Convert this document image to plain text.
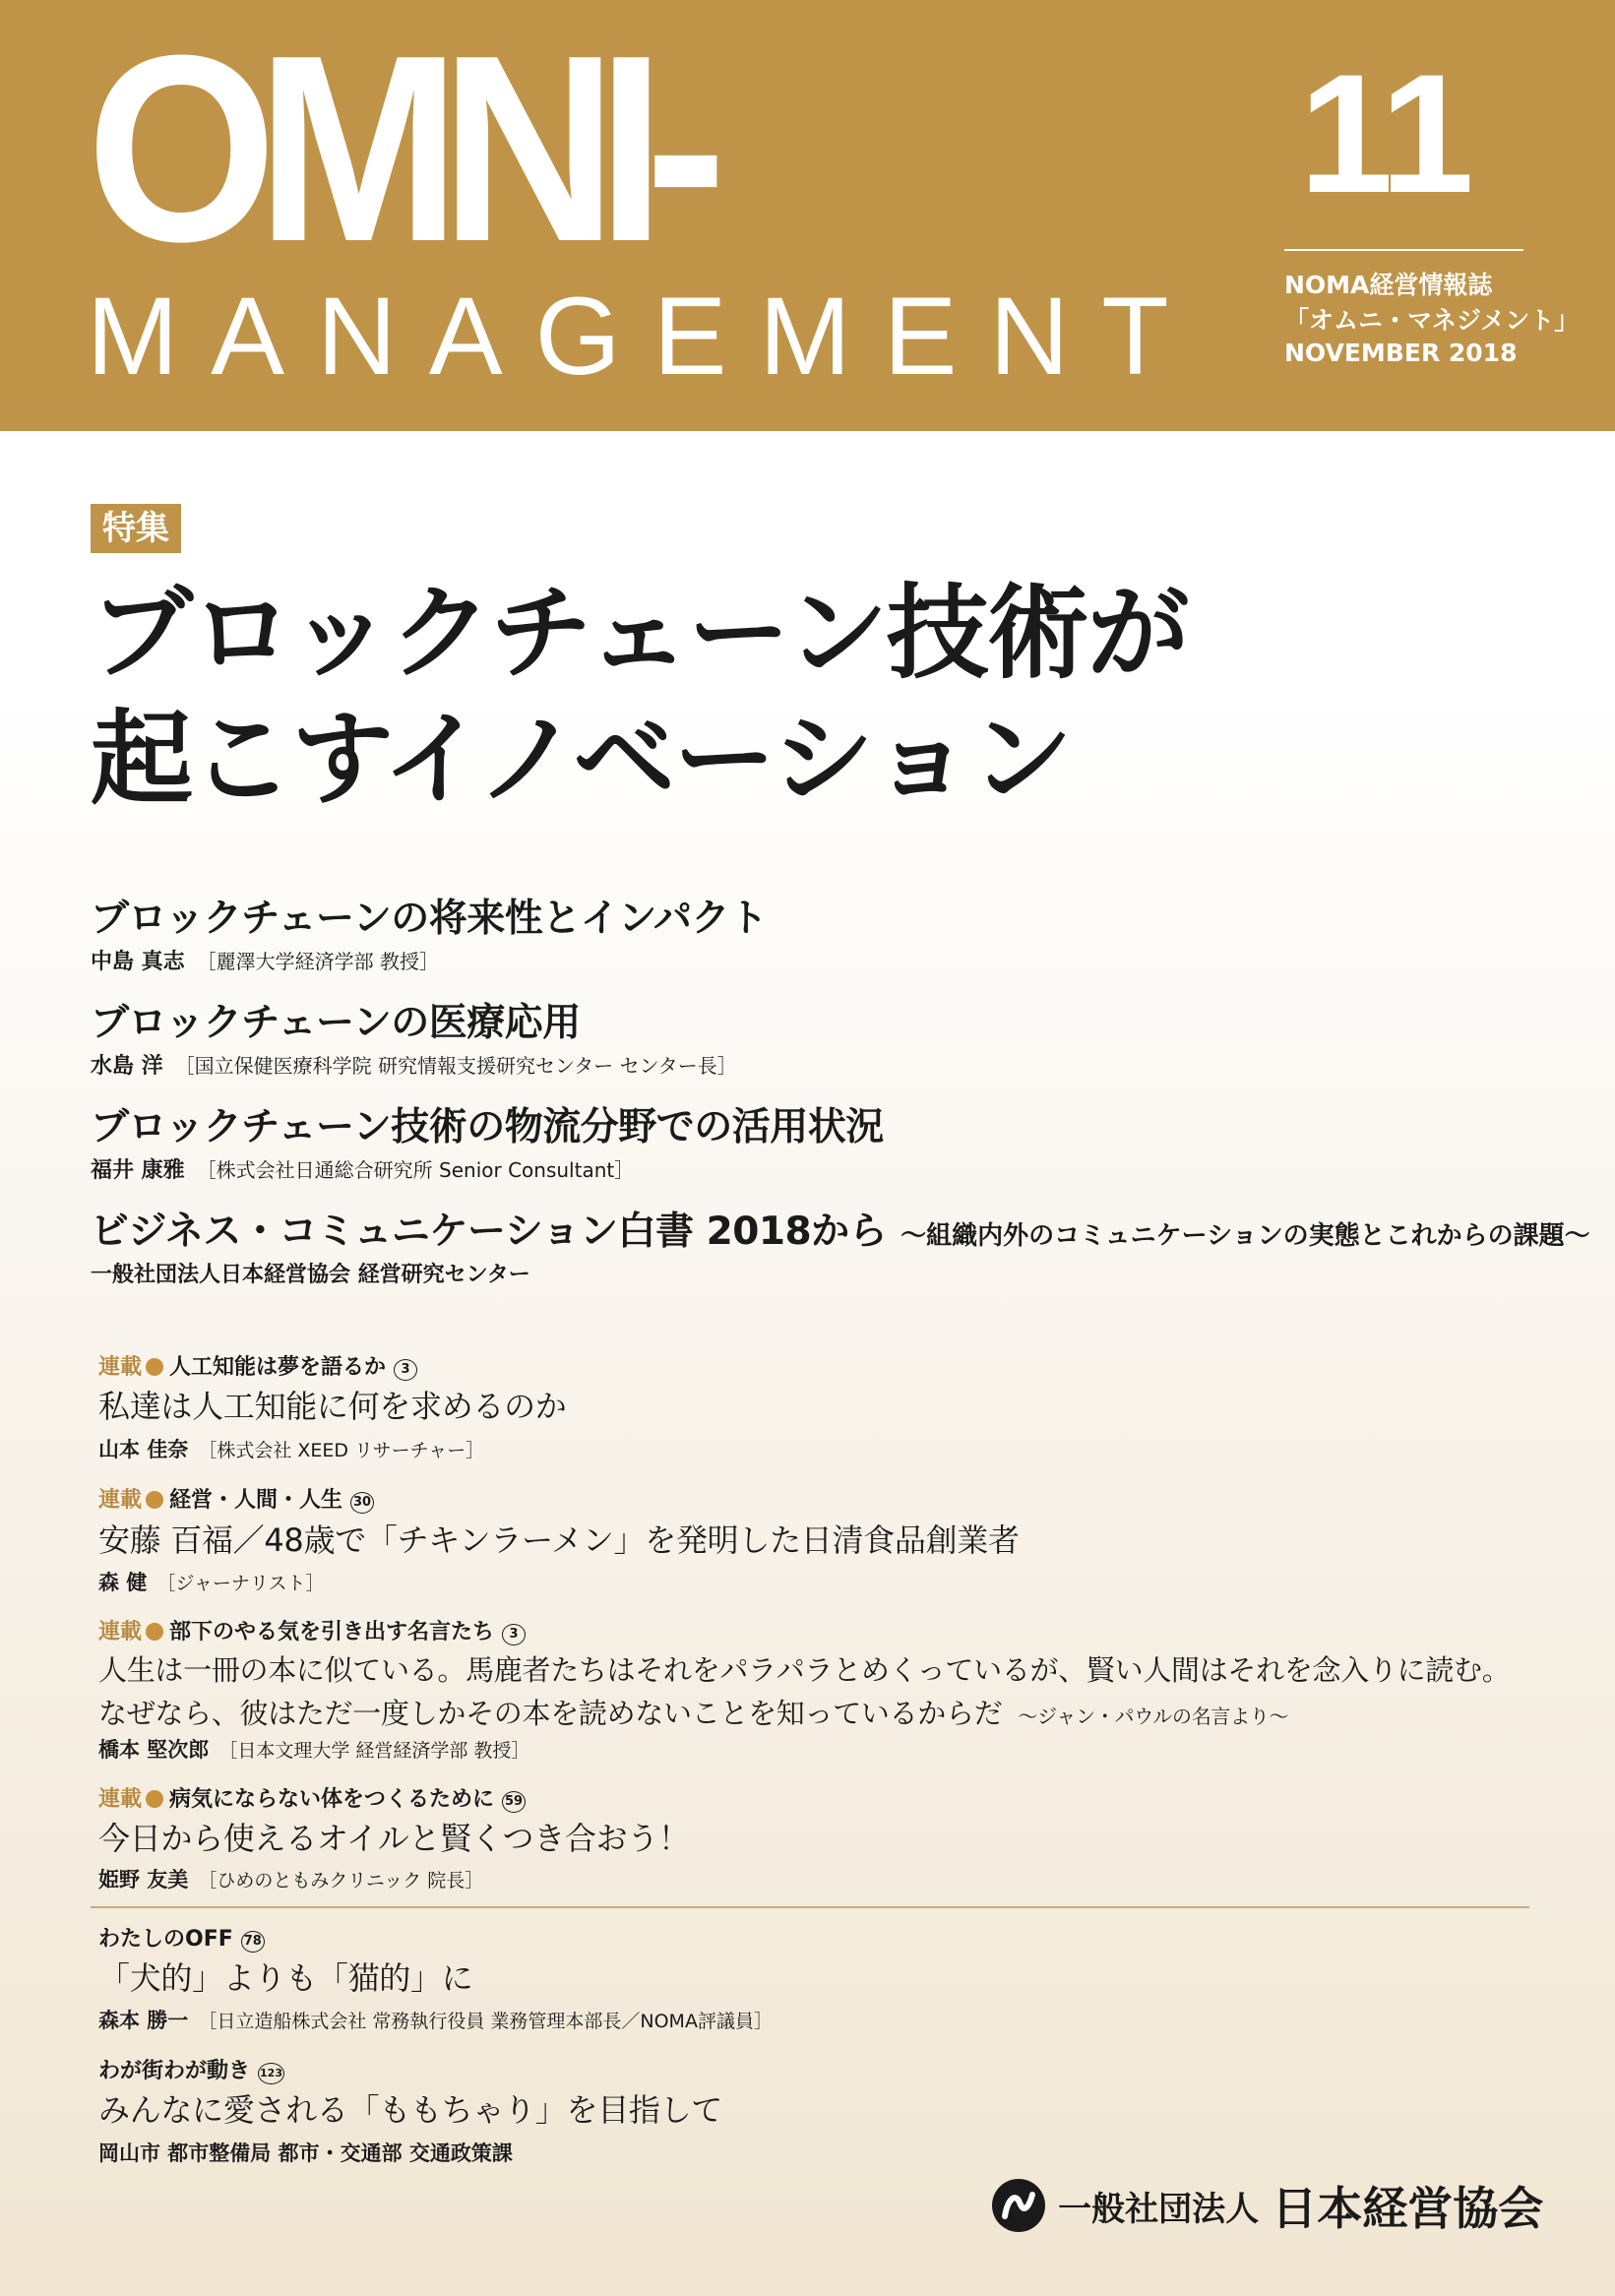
OMNI-
MANAGEMENT
11
NOMA経営情報誌
「オムニ・マネジメント」
NOVEMBER 2018
特集
ブロックチェーン技術が
起こすイノベーション
ブロックチェーンの将来性とインパクト
中島 真志 ［麗澤大学経済学部 教授］
ブロックチェーンの医療応用
水島 洋 ［国立保健医療科学院 研究情報支援研究センター センター長］
ブロックチェーン技術の物流分野での活用状況
福井 康雅 ［株式会社日通総合研究所 Senior Consultant］
ビジネス・コミュニケーション白書 2018から ～組織内外のコミュニケーションの実態とこれからの課題～
一般社団法人日本経営協会 経営研究センター
連載 人工知能は夢を語るか 3
私達は人工知能に何を求めるのか
山本 佳奈 ［株式会社 XEED リサーチャー］
連載 経営・人間・人生 30
安藤 百福／48歳で「チキンラーメン」を発明した日清食品創業者
森 健 ［ジャーナリスト］
連載 部下のやる気を引き出す名言たち 3
人生は一冊の本に似ている。馬鹿者たちはそれをパラパラとめくっているが、賢い人間はそれを念入りに読む。
なぜなら、彼はただ一度しかその本を読めないことを知っているからだ ～ジャン・パウルの名言より～
橋本 堅次郎 ［日本文理大学 経営経済学部 教授］
連載 病気にならない体をつくるために 59
今日から使えるオイルと賢くつき合おう！
姫野 友美 ［ひめのともみクリニック 院長］
わたしのOFF 78
「犬的」よりも「猫的」に
森本 勝一 ［日立造船株式会社 常務執行役員 業務管理本部長／NOMA評議員］
わが街わが動き 123
みんなに愛される「ももちゃり」を目指して
岡山市 都市整備局 都市・交通部 交通政策課
一般社団法人 日本経営協会
